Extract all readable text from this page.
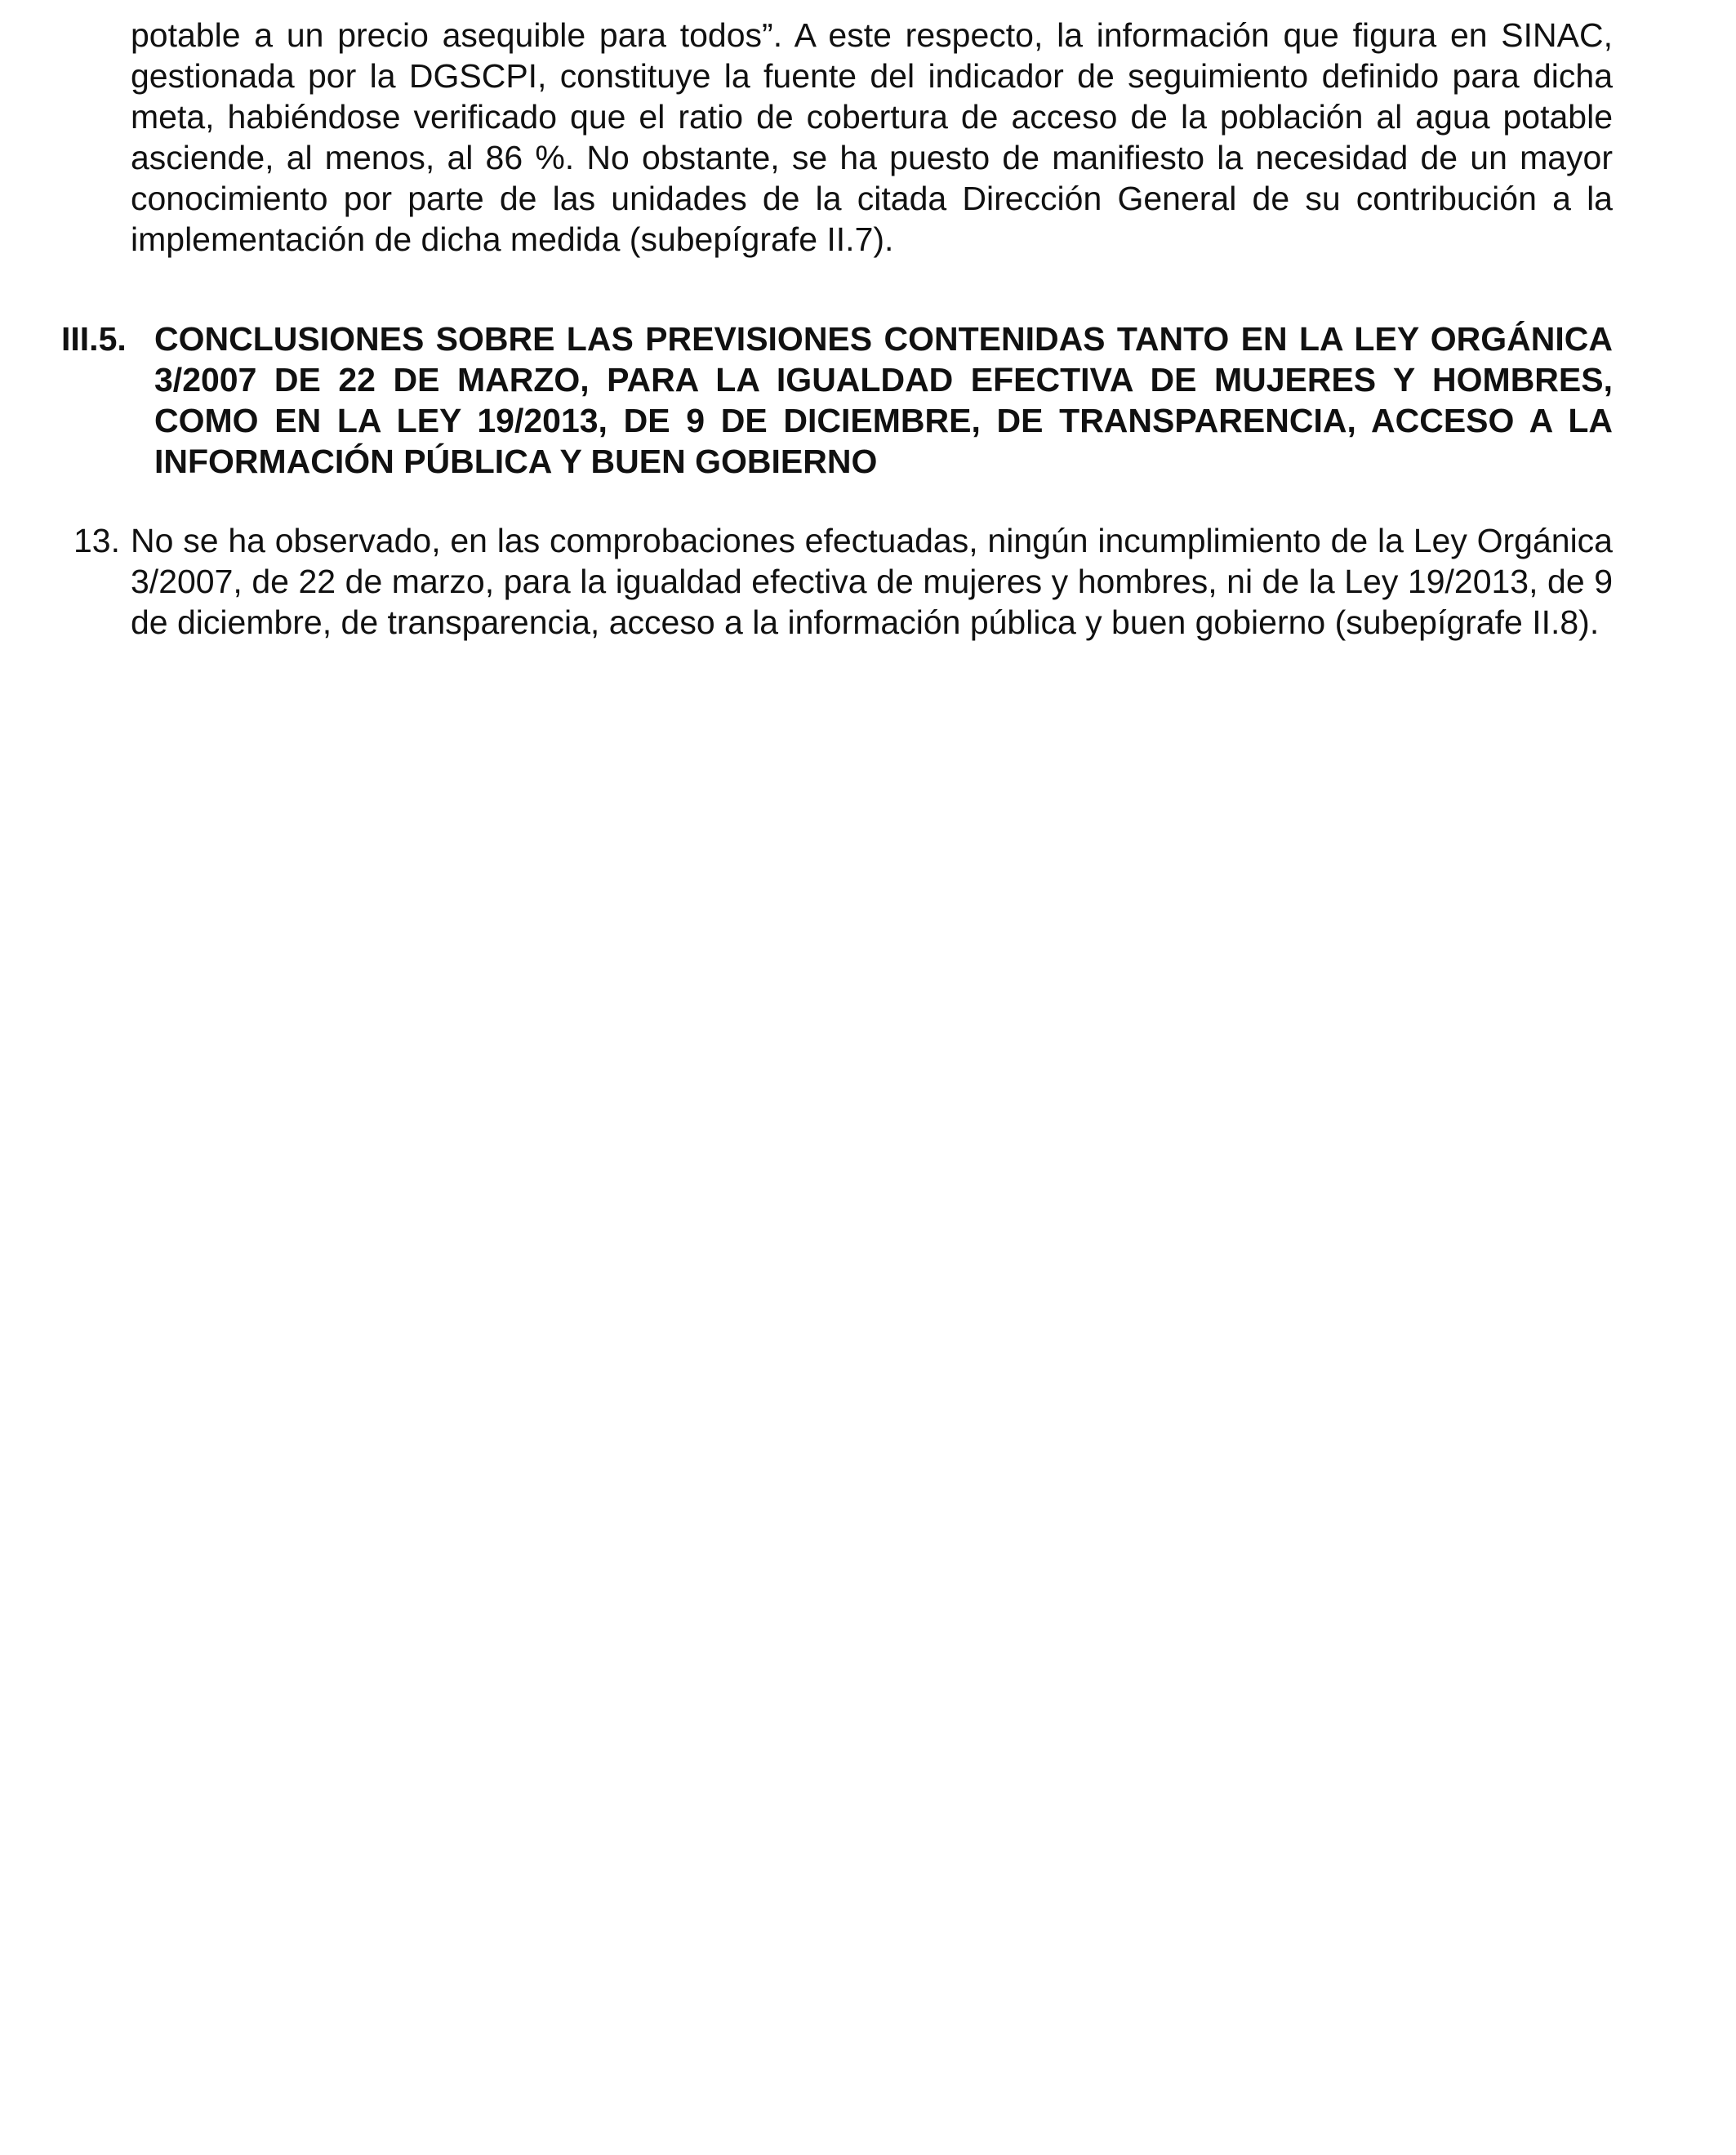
potable a un precio asequible para todos”. A este respecto, la información que figura en SINAC, gestionada por la DGSCPI, constituye la fuente del indicador de seguimiento definido para dicha meta, habiéndose verificado que el ratio de cobertura de acceso de la población al agua potable asciende, al menos, al 86 %. No obstante, se ha puesto de manifiesto la necesidad de un mayor conocimiento por parte de las unidades de la citada Dirección General de su contribución a la implementación de dicha medida (subepígrafe II.7).

III.5. CONCLUSIONES SOBRE LAS PREVISIONES CONTENIDAS TANTO EN LA LEY ORGÁNICA 3/2007 DE 22 DE MARZO, PARA LA IGUALDAD EFECTIVA DE MUJERES Y HOMBRES, COMO EN LA LEY 19/2013, DE 9 DE DICIEMBRE, DE TRANSPARENCIA, ACCESO A LA INFORMACIÓN PÚBLICA Y BUEN GOBIERNO
13. No se ha observado, en las comprobaciones efectuadas, ningún incumplimiento de la Ley Orgánica 3/2007, de 22 de marzo, para la igualdad efectiva de mujeres y hombres, ni de la Ley 19/2013, de 9 de diciembre, de transparencia, acceso a la información pública y buen gobierno (subepígrafe II.8).
